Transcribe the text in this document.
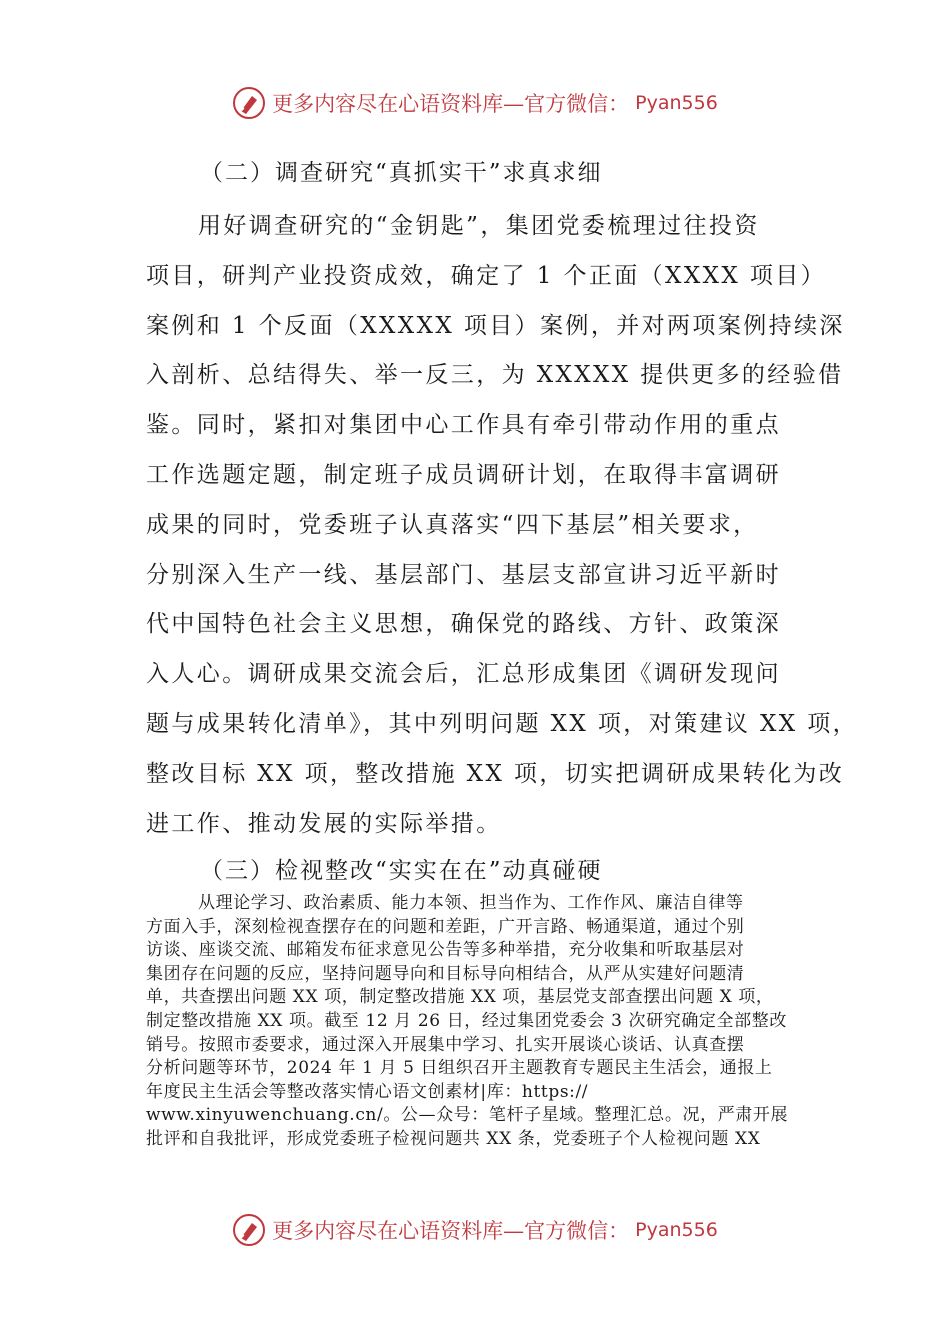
更多内容尽在心语资料库—官方微信： Pyan556
（二）调查研究“真抓实干”求真求细
用好调查研究的“金钥匙”，集团党委梳理过往投资
项目，研判产业投资成效，确定了 1 个正面（XXXX 项目）
案例和 1 个反面（XXXXX 项目）案例，并对两项案例持续深
入剖析、总结得失、举一反三，为 XXXXX 提供更多的经验借
鉴。同时，紧扣对集团中心工作具有牵引带动作用的重点
工作选题定题，制定班子成员调研计划，在取得丰富调研
成果的同时，党委班子认真落实“四下基层”相关要求，
分别深入生产一线、基层部门、基层支部宣讲习近平新时
代中国特色社会主义思想，确保党的路线、方针、政策深
入人心。调研成果交流会后，汇总形成集团《调研发现问
题与成果转化清单》，其中列明问题 XX 项，对策建议 XX 项，
整改目标 XX 项，整改措施 XX 项，切实把调研成果转化为改
进工作、推动发展的实际举措。
（三）检视整改“实实在在”动真碰硬
从理论学习、政治素质、能力本领、担当作为、工作作风、廉洁自律等
方面入手，深刻检视查摆存在的问题和差距，广开言路、畅通渠道，通过个别
访谈、座谈交流、邮箱发布征求意见公告等多种举措，充分收集和听取基层对
集团存在问题的反应，坚持问题导向和目标导向相结合，从严从实建好问题清
单，共查摆出问题 XX 项，制定整改措施 XX 项，基层党支部查摆出问题 X 项，
制定整改措施 XX 项。截至 12 月 26 日，经过集团党委会 3 次研究确定全部整改
销号。按照市委要求，通过深入开展集中学习、扎实开展谈心谈话、认真查摆
分析问题等环节，2024 年 1 月 5 日组织召开主题教育专题民主生活会，通报上
年度民主生活会等整改落实情心语文创素材|库：https://
www.xinyuwenchuang.cn/。公—众号：笔杆子星域。整理汇总。况，严肃开展
批评和自我批评，形成党委班子检视问题共 XX 条，党委班子个人检视问题 XX
更多内容尽在心语资料库—官方微信： Pyan556
